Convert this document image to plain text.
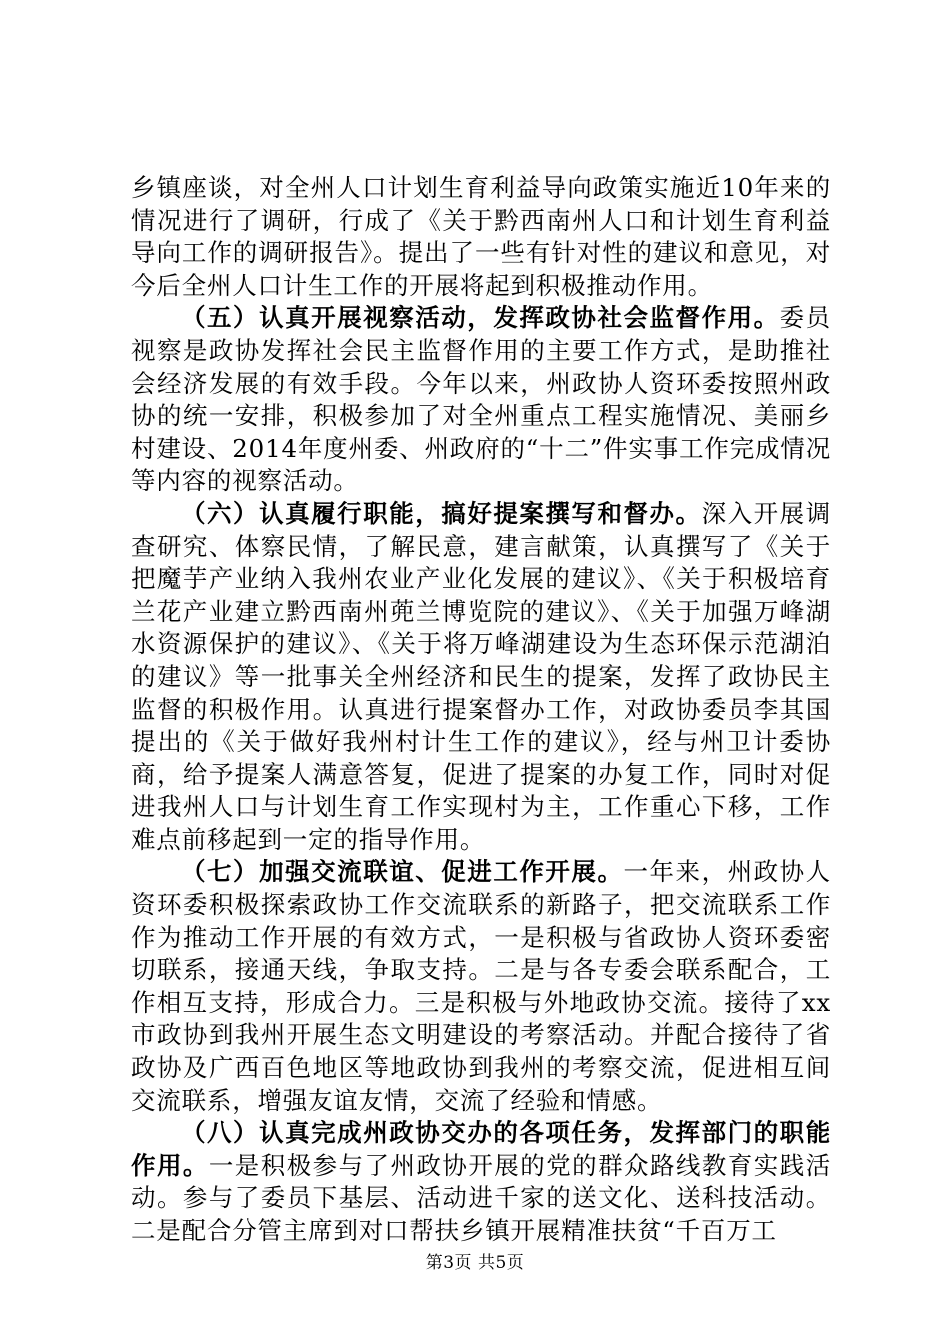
乡镇座谈，对全州人口计划生育利益导向政策实施近10年来的情况进行了调研，行成了《关于黔西南州人口和计划生育利益导向工作的调研报告》。提出了一些有针对性的建议和意见，对今后全州人口计生工作的开展将起到积极推动作用。

（五）认真开展视察活动，发挥政协社会监督作用。委员视察是政协发挥社会民主监督作用的主要工作方式，是助推社会经济发展的有效手段。今年以来，州政协人资环委按照州政协的统一安排，积极参加了对全州重点工程实施情况、美丽乡村建设、2014年度州委、州政府的“十二”件实事工作完成情况等内容的视察活动。

（六）认真履行职能，搞好提案撰写和督办。深入开展调查研究、体察民情，了解民意，建言献策，认真撰写了《关于把魔芋产业纳入我州农业产业化发展的建议》、《关于积极培育兰花产业建立黔西南州蔸兰博览院的建议》、《关于加强万峰湖水资源保护的建议》、《关于将万峰湖建设为生态环保示范湖泊的建议》等一批事关全州经济和民生的提案，发挥了政协民主监督的积极作用。认真进行提案督办工作，对政协委员李其国提出的《关于做好我州村计生工作的建议》，经与州卫计委协商，给予提案人满意答复，促进了提案的办复工作，同时对促进我州人口与计划生育工作实现村为主，工作重心下移，工作难点前移起到一定的指导作用。

（七）加强交流联谊、促进工作开展。一年来，州政协人资环委积极探索政协工作交流联系的新路子，把交流联系工作作为推动工作开展的有效方式，一是积极与省政协人资环委密切联系，接通天线，争取支持。二是与各专委会联系配合，工作相互支持，形成合力。三是积极与外地政协交流。接待了xx市政协到我州开展生态文明建设的考察活动。并配合接待了省政协及广西百色地区等地政协到我州的考察交流，促进相互间交流联系，增强友谊友情，交流了经验和情感。

（八）认真完成州政协交办的各项任务，发挥部门的职能作用。一是积极参与了州政协开展的党的群众路线教育实践活动。参与了委员下基层、活动进千家的送文化、送科技活动。二是配合分管主席到对口帮扶乡镇开展精准扶贫“千百万工

第3页 共5页
